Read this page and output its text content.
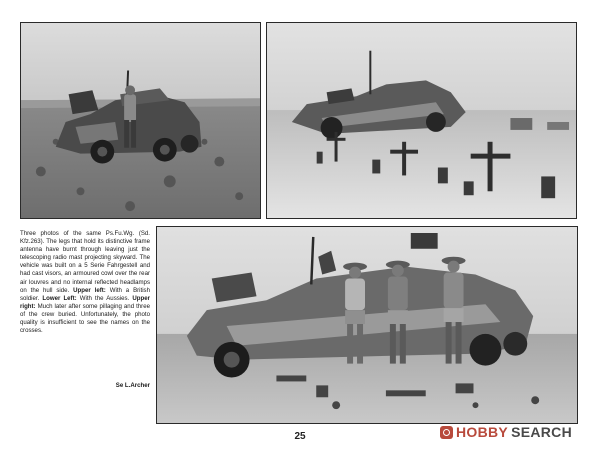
Three photos of the same Ps.Fu.Wg. (Sd. Kfz.263). The legs that hold its distinctive frame antenna have burnt through leaving just the telescoping radio mast projecting skyward. The vehicle was built on a 5 Serie Fahrgestell and had cast visors, an armoured cowl over the rear air louvres and no internal reflected headlamps on the hull side. Upper left: With a British soldier. Lower Left: With the Aussies. Upper right: Much later after some pillaging and three of the crew buried. Unfortunately, the photo quality is insufficient to see the names on the crosses.
Se L.Archer
25	HOBBY SEARCH
